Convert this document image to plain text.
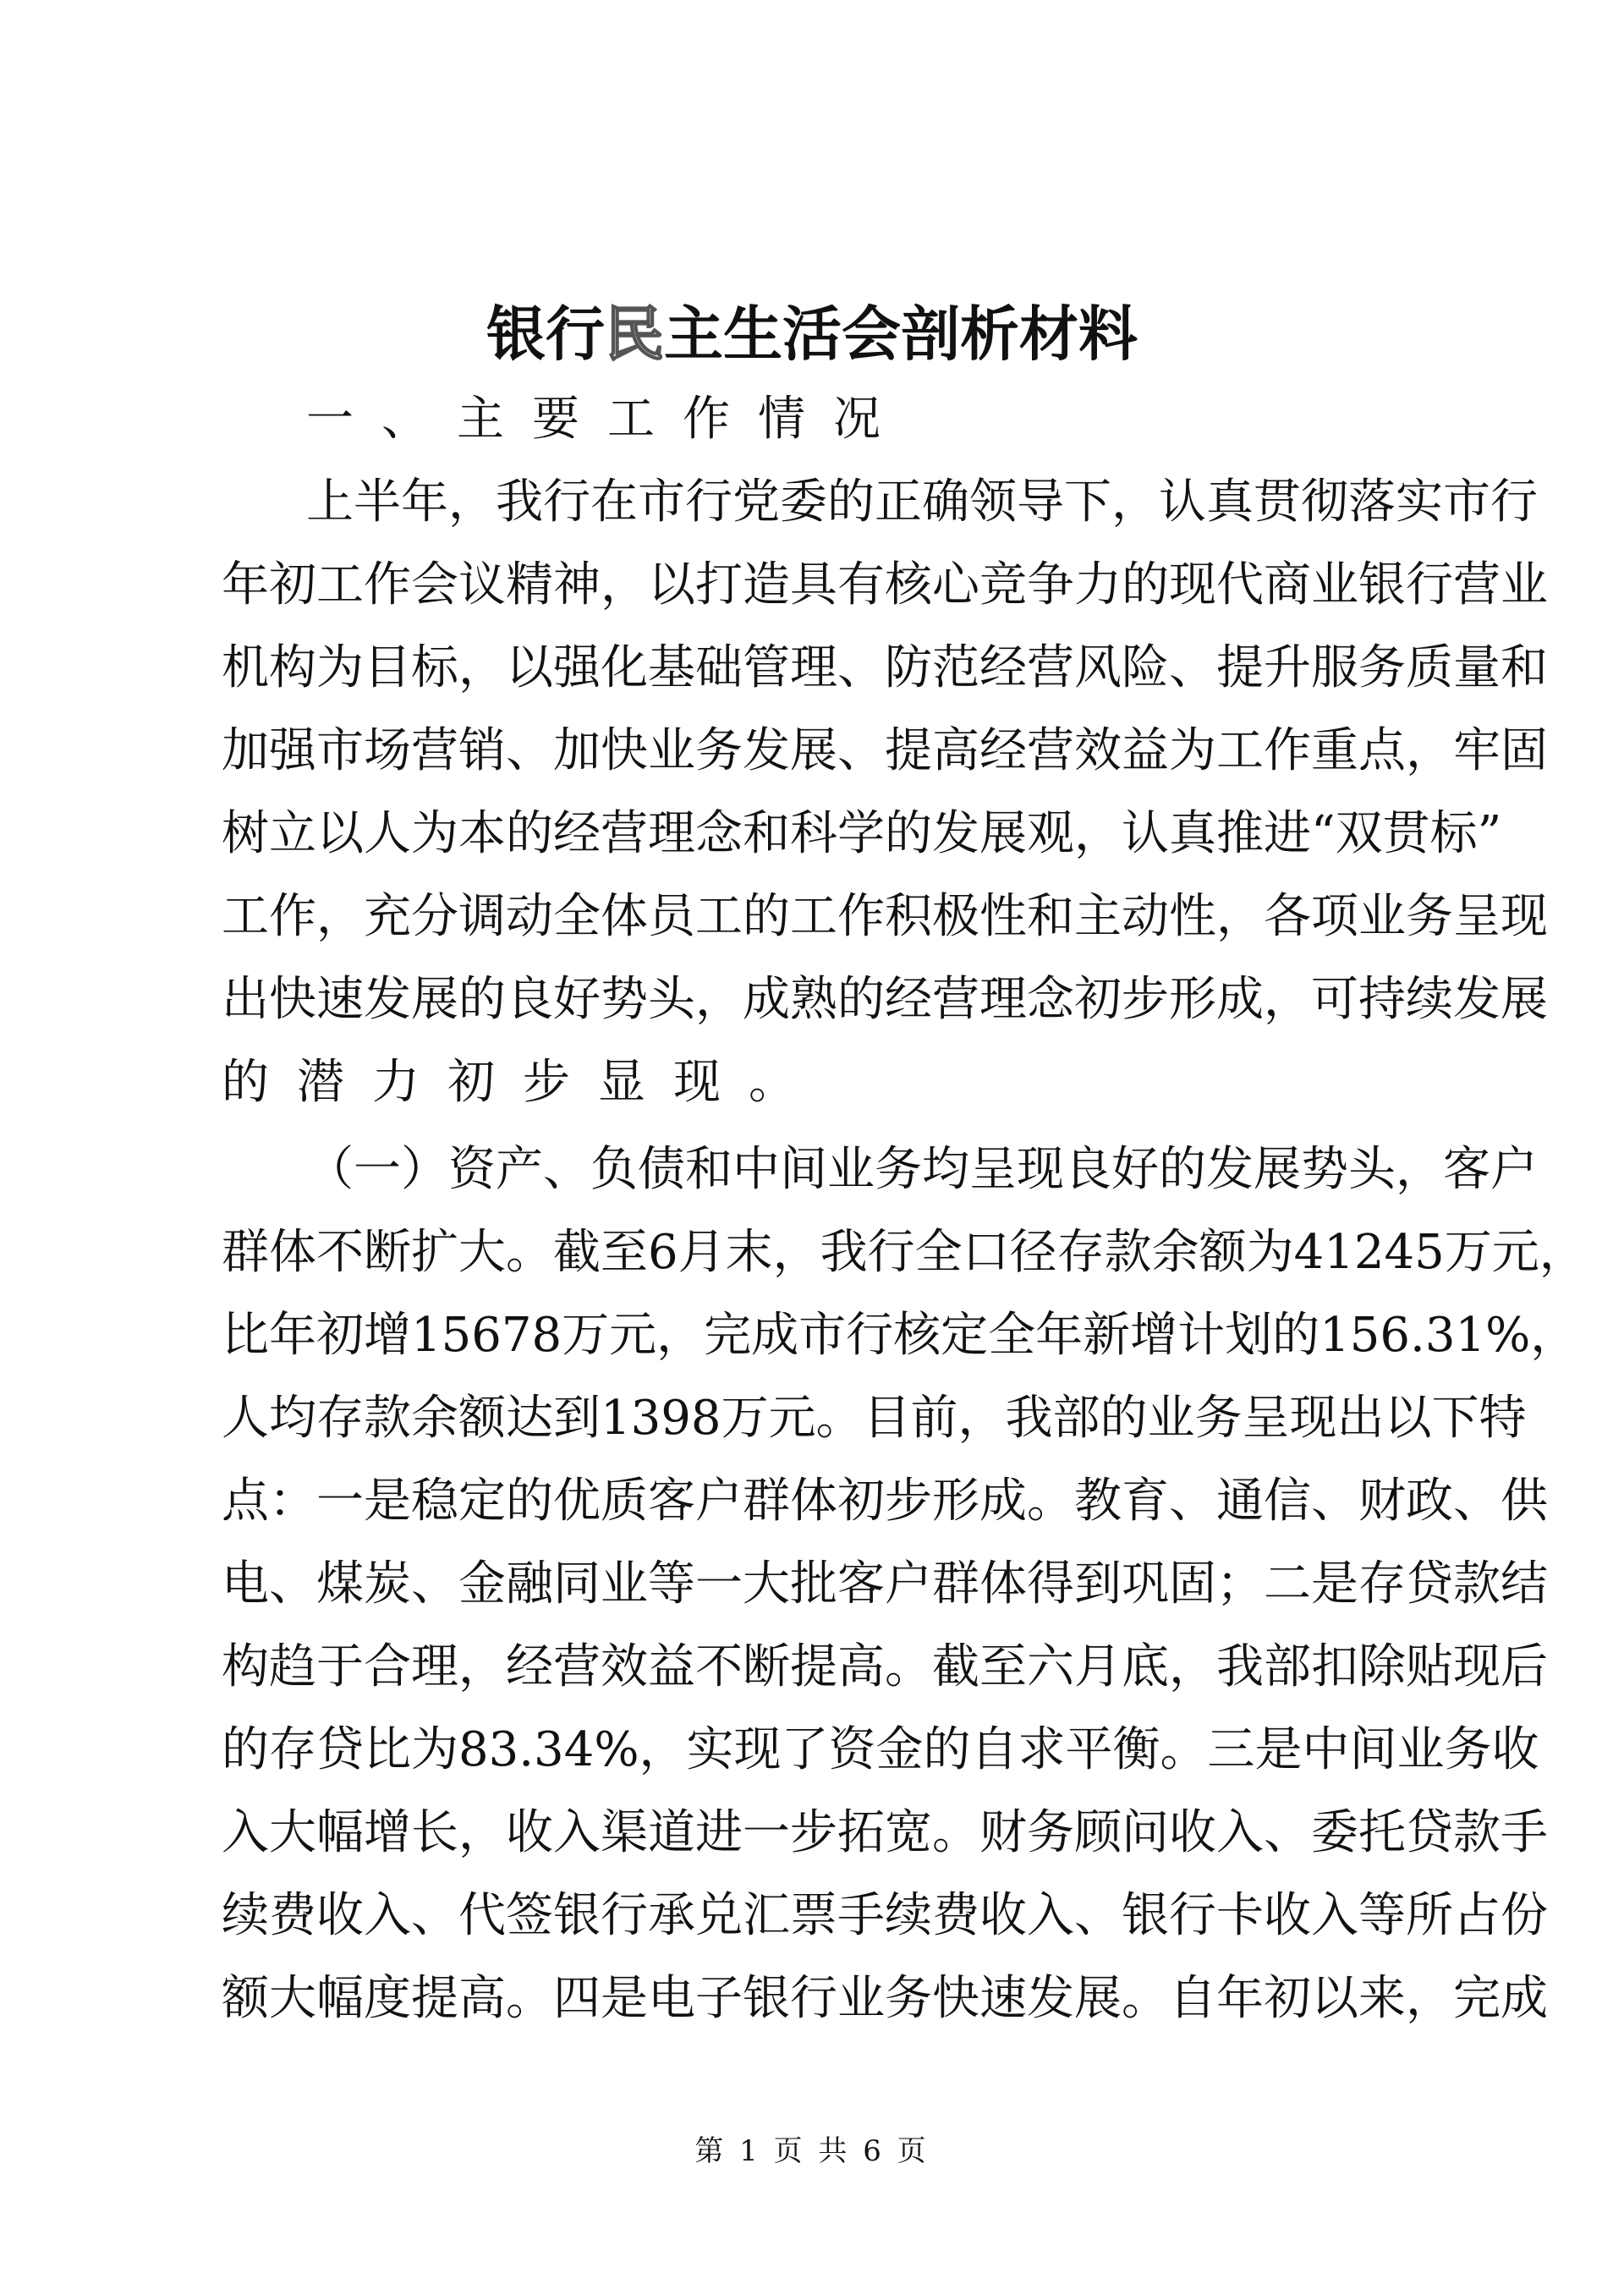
银行民主生活会剖析材料
一、主要工作情况
上半年，我行在市行党委的正确领导下，认真贯彻落实市行
年初工作会议精神，以打造具有核心竞争力的现代商业银行营业
机构为目标，以强化基础管理、防范经营风险、提升服务质量和
加强市场营销、加快业务发展、提高经营效益为工作重点，牢固
树立以人为本的经营理念和科学的发展观，认真推进“双贯标”
工作，充分调动全体员工的工作积极性和主动性，各项业务呈现
出快速发展的良好势头，成熟的经营理念初步形成，可持续发展
的潜力初步显现。
（一）资产、负债和中间业务均呈现良好的发展势头，客户
群体不断扩大。截至6月末，我行全口径存款余额为41245万元，
比年初增15678万元，完成市行核定全年新增计划的156.31%，
人均存款余额达到1398万元。目前，我部的业务呈现出以下特
点：一是稳定的优质客户群体初步形成。教育、通信、财政、供
电、煤炭、金融同业等一大批客户群体得到巩固；二是存贷款结
构趋于合理，经营效益不断提高。截至六月底，我部扣除贴现后
的存贷比为83.34%，实现了资金的自求平衡。三是中间业务收
入大幅增长，收入渠道进一步拓宽。财务顾问收入、委托贷款手
续费收入、代签银行承兑汇票手续费收入、银行卡收入等所占份
额大幅度提高。四是电子银行业务快速发展。自年初以来，完成
第 1 页 共 6 页
